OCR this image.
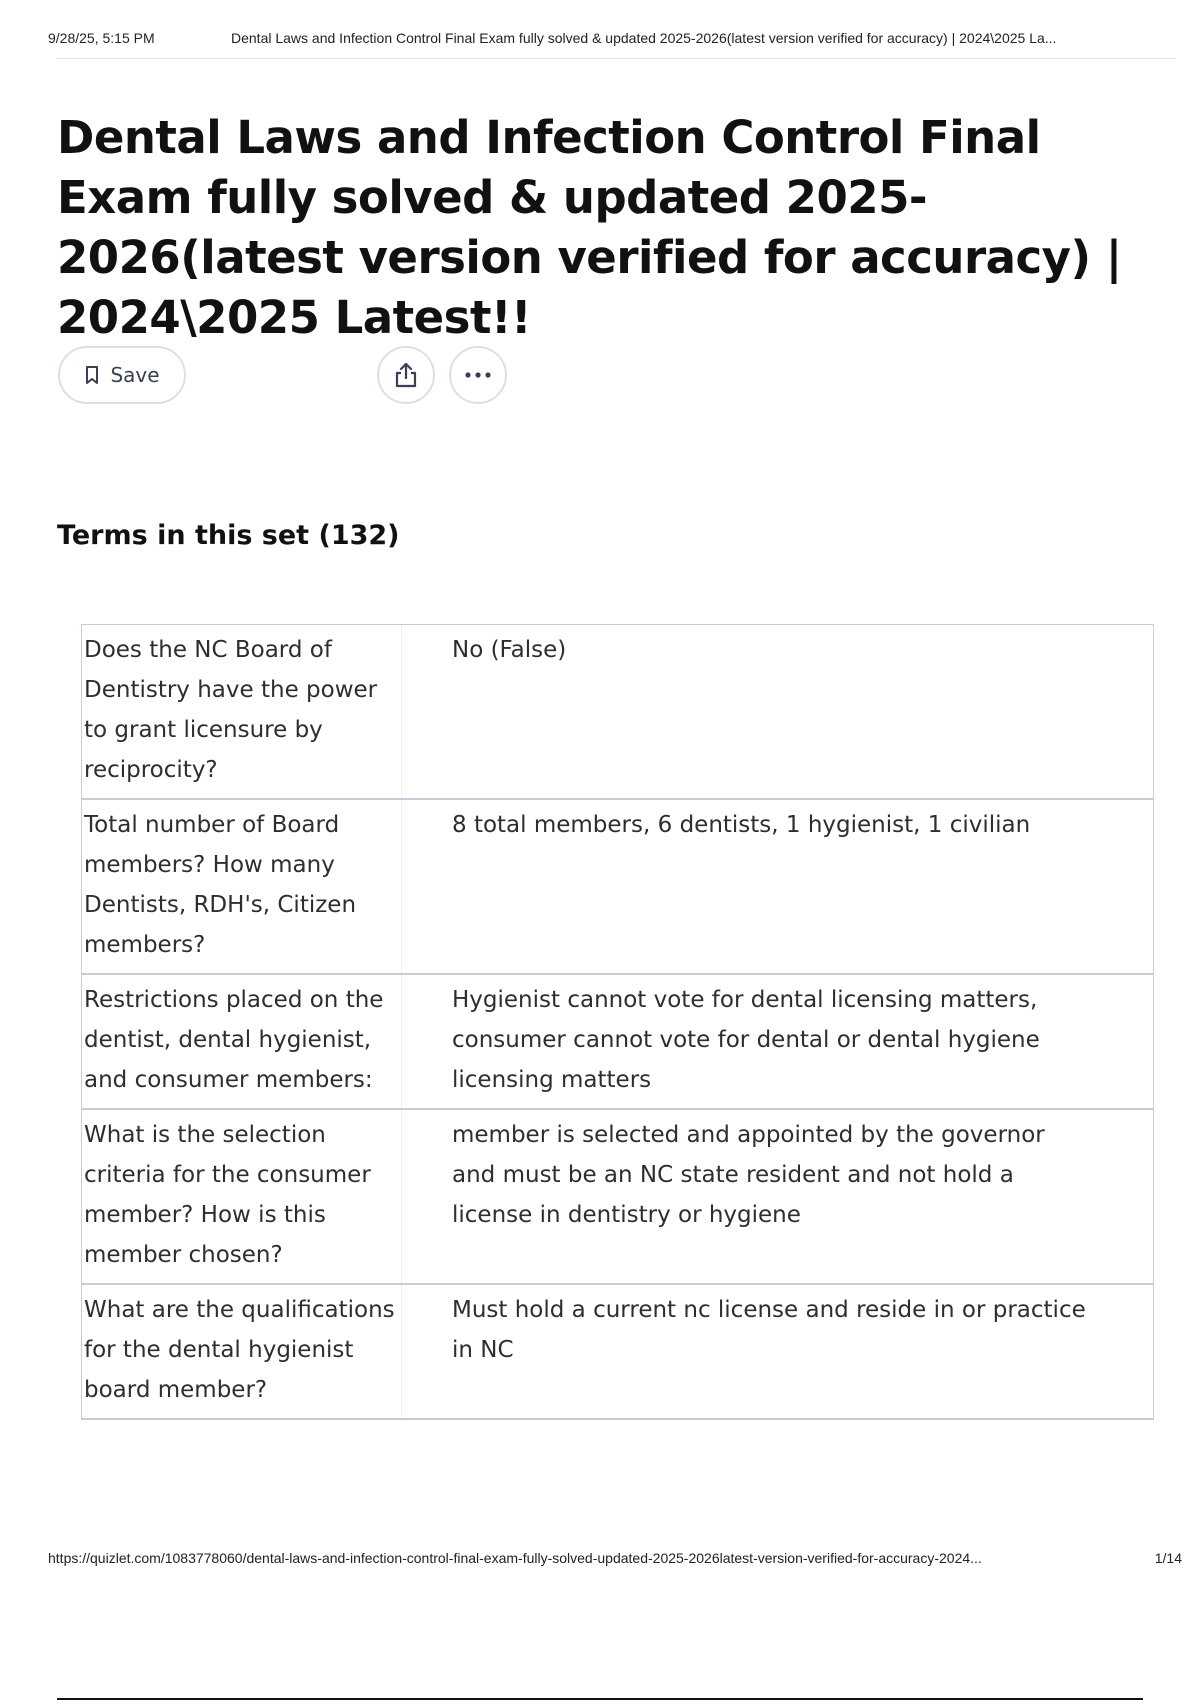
9/28/25, 5:15 PM	Dental Laws and Infection Control Final Exam fully solved & updated 2025-2026(latest version verified for accuracy) | 2024\2025 La...
Dental Laws and Infection Control Final Exam fully solved & updated 2025-2026(latest version verified for accuracy) | 2024\2025 Latest!!
Save
Terms in this set (132)
Does the NC Board of Dentistry have the power to grant licensure by reciprocity?
No (False)
Total number of Board members? How many Dentists, RDH's, Citizen members?
8 total members, 6 dentists, 1 hygienist, 1 civilian
Restrictions placed on the dentist, dental hygienist, and consumer members:
Hygienist cannot vote for dental licensing matters, consumer cannot vote for dental or dental hygiene licensing matters
What is the selection criteria for the consumer member? How is this member chosen?
member is selected and appointed by the governor and must be an NC state resident and not hold a license in dentistry or hygiene
What are the qualifications for the dental hygienist board member?
Must hold a current nc license and reside in or practice in NC
https://quizlet.com/1083778060/dental-laws-and-infection-control-final-exam-fully-solved-updated-2025-2026latest-version-verified-for-accuracy-2024...	1/14
